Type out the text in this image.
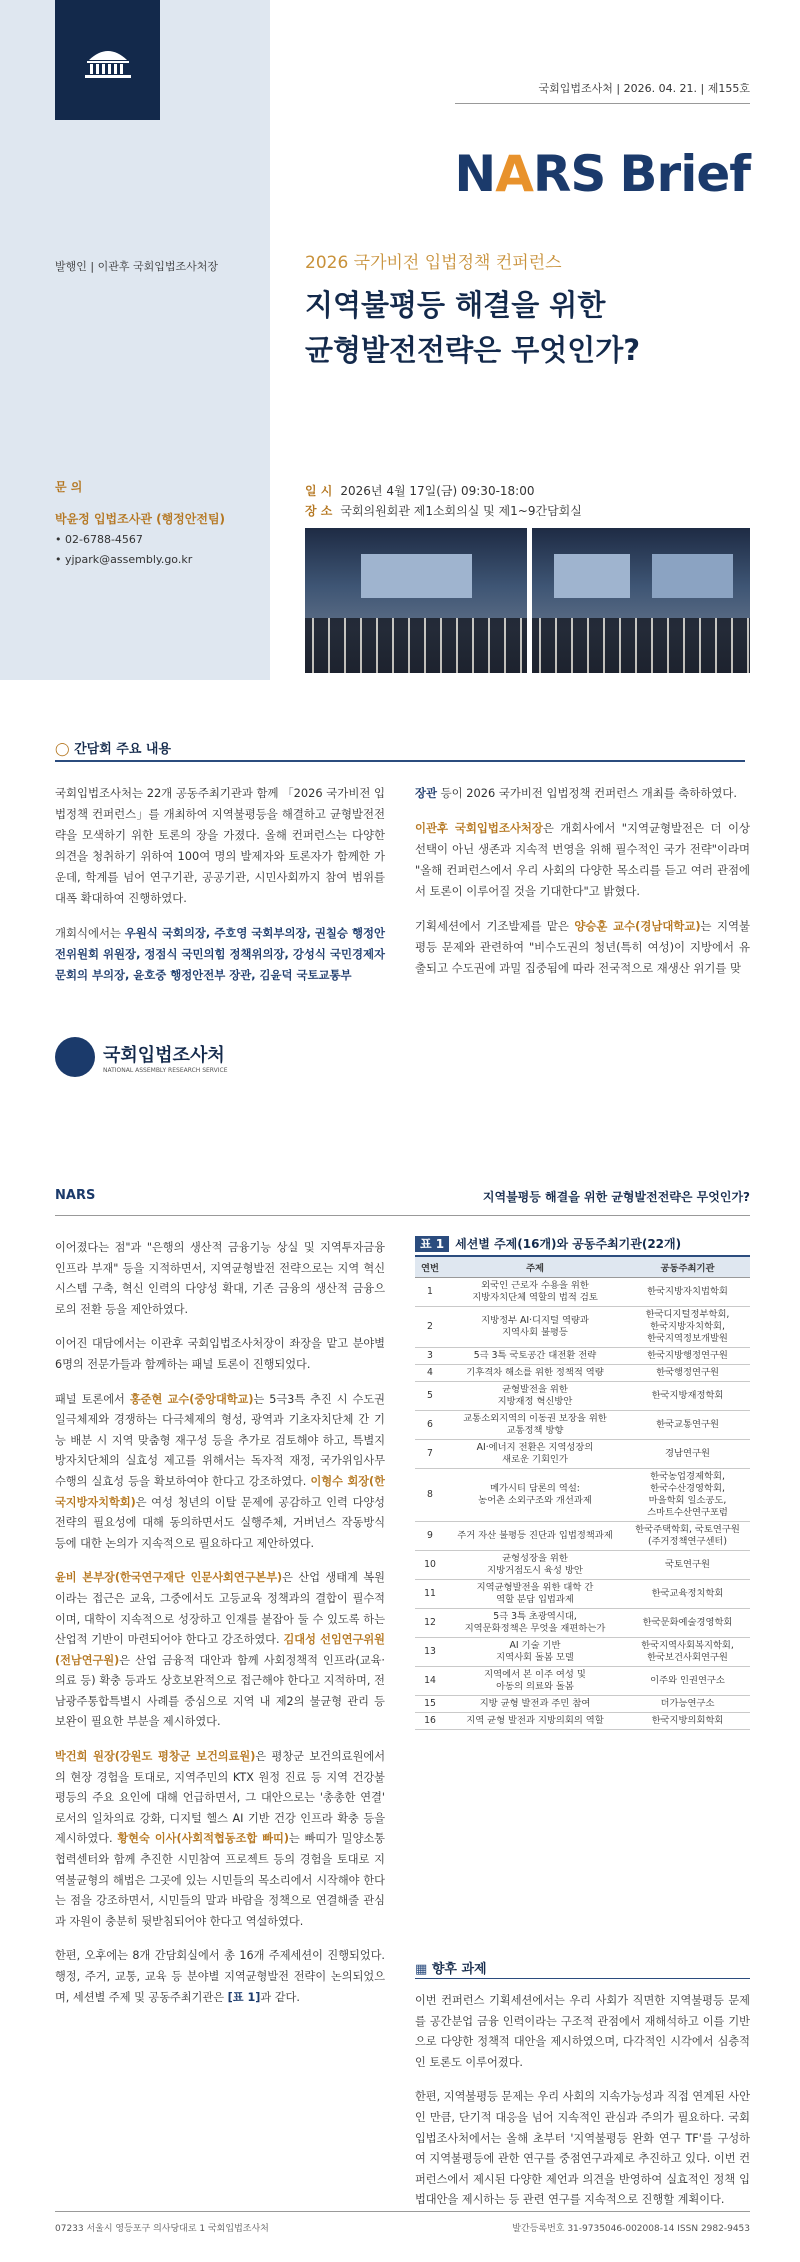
국회입법조사처 | 2026. 04. 21. | 제155호
NARS Brief
발행인 | 이관후 국회입법조사처장	2026 국가비전 입법정책 컨퍼런스
지역불평등 해결을 위한
균형발전전략은 무엇인가?
문 의
박윤정 입법조사관 (행정안전팀)
• 02-6788-4567
• yjpark@assembly.go.kr
일 시 2026년 4월 17일(금) 09:30-18:00
장 소 국회의원회관 제1소회의실 및 제1~9간담회실
◯ 간담회 주요 내용

국회입법조사처는 22개 공동주최기관과 함께 「2026 국가비전 입법정책 컨퍼런스」를 개최하여 지역불평등을 해결하고 균형발전전략을 모색하기 위한 토론의 장을 가졌다. 올해 컨퍼런스는 다양한 의견을 청취하기 위하여 100여 명의 발제자와 토론자가 함께한 가운데, 학계를 넘어 연구기관, 공공기관, 시민사회까지 참여 범위를 대폭 확대하여 진행하였다.

개회식에서는 우원식 국회의장, 주호영 국회부의장, 권칠승 행정안전위원회 위원장, 정점식 국민의힘 정책위의장, 강성식 국민경제자문회의 부의장, 윤호중 행정안전부 장관, 김윤덕 국토교통부

장관 등이 2026 국가비전 입법정책 컨퍼런스 개최를 축하하였다.

이관후 국회입법조사처장은 개회사에서 "지역균형발전은 더 이상 선택이 아닌 생존과 지속적 번영을 위해 필수적인 국가 전략"이라며 "올해 컨퍼런스에서 우리 사회의 다양한 목소리를 듣고 여러 관점에서 토론이 이루어질 것을 기대한다"고 밝혔다.

기획세션에서 기조발제를 맡은 양승훈 교수(경남대학교)는 지역불평등 문제와 관련하여 "비수도권의 청년(특히 여성)이 지방에서 유출되고 수도권에 과밀 집중됨에 따라 전국적으로 재생산 위기를 맞

국회입법조사처
NATIONAL ASSEMBLY RESEARCH SERVICE
NARS	지역불평등 해결을 위한 균형발전전략은 무엇인가?

이어졌다는 점"과 "은행의 생산적 금융기능 상실 및 지역투자금융 인프라 부재" 등을 지적하면서, 지역균형발전 전략으로는 지역 혁신시스템 구축, 혁신 인력의 다양성 확대, 기존 금융의 생산적 금융으로의 전환 등을 제안하였다.

이어진 대담에서는 이관후 국회입법조사처장이 좌장을 맡고 분야별 6명의 전문가들과 함께하는 패널 토론이 진행되었다.

패널 토론에서 홍준현 교수(중앙대학교)는 5극3특 추진 시 수도권 일극체제와 경쟁하는 다극체제의 형성, 광역과 기초자치단체 간 기능 배분 시 지역 맞춤형 재구성 등을 추가로 검토해야 하고, 특별지방자치단체의 실효성 제고를 위해서는 독자적 재정, 국가위임사무 수행의 실효성 등을 확보하여야 한다고 강조하였다. 이형수 회장(한국지방자치학회)은 여성 청년의 이탈 문제에 공감하고 인력 다양성 전략의 필요성에 대해 동의하면서도 실행주체, 거버넌스 작동방식 등에 대한 논의가 지속적으로 필요하다고 제안하였다.

윤비 본부장(한국연구재단 인문사회연구본부)은 산업 생태계 복원이라는 접근은 교육, 그중에서도 고등교육 정책과의 결합이 필수적이며, 대학이 지속적으로 성장하고 인재를 붙잡아 둘 수 있도록 하는 산업적 기반이 마련되어야 한다고 강조하였다. 김대성 선임연구위원(전남연구원)은 산업 금융적 대안과 함께 사회정책적 인프라(교육·의료 등) 확충 등과도 상호보완적으로 접근해야 한다고 지적하며, 전남광주통합특별시 사례를 중심으로 지역 내 제2의 불균형 관리 등 보완이 필요한 부분을 제시하였다.

박건희 원장(강원도 평창군 보건의료원)은 평창군 보건의료원에서의 현장 경험을 토대로, 지역주민의 KTX 원정 진료 등 지역 건강불평등의 주요 요인에 대해 언급하면서, 그 대안으로는 '총총한 연결' 로서의 일차의료 강화, 디지털 헬스 AI 기반 건강 인프라 확충 등을 제시하였다. 황현숙 이사(사회적협동조합 빠띠)는 빠띠가 밀양소통협력센터와 함께 추진한 시민참여 프로젝트 등의 경험을 토대로 지역불균형의 해법은 그곳에 있는 시민들의 목소리에서 시작해야 한다는 점을 강조하면서, 시민들의 말과 바람을 정책으로 연결해줄 관심과 자원이 충분히 뒷받침되어야 한다고 역설하였다.

한편, 오후에는 8개 간담회실에서 총 16개 주제세션이 진행되었다. 행정, 주거, 교통, 교육 등 분야별 지역균형발전 전략이 논의되었으며, 세션별 주제 및 공동주최기관은 [표 1]과 같다.

표 1 세션별 주제(16개)와 공동주최기관(22개)
연번	주제	공동주최기관
1	외국인 근로자 수용을 위한
지방자치단체 역할의 법적 검토	한국지방자치법학회
2	지방정부 AI·디지털 역량과
지역사회 불평등	한국디지털정부학회,
한국지방자치학회,
한국지역정보개발원
3	5극 3특 국토공간 대전환 전략	한국지방행정연구원
4	기후격차 해소를 위한 정책적 역량	한국행정연구원
5	균형발전을 위한
지방재정 혁신방안	한국지방재정학회
6	교통소외지역의 이동권 보장을 위한
교통정책 방향	한국교통연구원
7	AI·에너지 전환은 지역성장의
새로운 기회인가	경남연구원
8	메가시티 담론의 역설:
농어촌 소외구조와 개선과제	한국농업경제학회,
한국수산경영학회,
마을학회 일소공도,
스마트수산연구포럼
9	주거 자산 불평등 진단과 입법정책과제	한국주택학회, 국토연구원
(주거정책연구센터)
10	균형성장을 위한
지방거점도시 육성 방안	국토연구원
11	지역균형발전을 위한 대학 간
역할 분담 입법과제	한국교육정치학회
12	5극 3특 초광역시대,
지역문화정책은 무엇을 재편하는가	한국문화예술경영학회
13	AI 기술 기반
지역사회 돌봄 모델	한국지역사회복지학회,
한국보건사회연구원
14	지역에서 본 이주 여성 및
아동의 의료와 돌봄	이주와 인권연구소
15	지방 균형 발전과 주민 참여	더가능연구소
16	지역 균형 발전과 지방의회의 역할	한국지방의회학회
▦ 향후 과제

이번 컨퍼런스 기획세션에서는 우리 사회가 직면한 지역불평등 문제를 공간분업 금융 인력이라는 구조적 관점에서 재해석하고 이를 기반으로 다양한 정책적 대안을 제시하였으며, 다각적인 시각에서 심층적인 토론도 이루어졌다.

한편, 지역불평등 문제는 우리 사회의 지속가능성과 직접 연계된 사안인 만큼, 단기적 대응을 넘어 지속적인 관심과 주의가 필요하다. 국회입법조사처에서는 올해 초부터 '지역불평등 완화 연구 TF'를 구성하여 지역불평등에 관한 연구를 중점연구과제로 추진하고 있다. 이번 컨퍼런스에서 제시된 다양한 제언과 의견을 반영하여 실효적인 정책 입법대안을 제시하는 등 관련 연구를 지속적으로 진행할 계획이다.

07233 서울시 영등포구 의사당대로 1 국회입법조사처	발간등록번호 31-9735046-002008-14 ISSN 2982-9453
